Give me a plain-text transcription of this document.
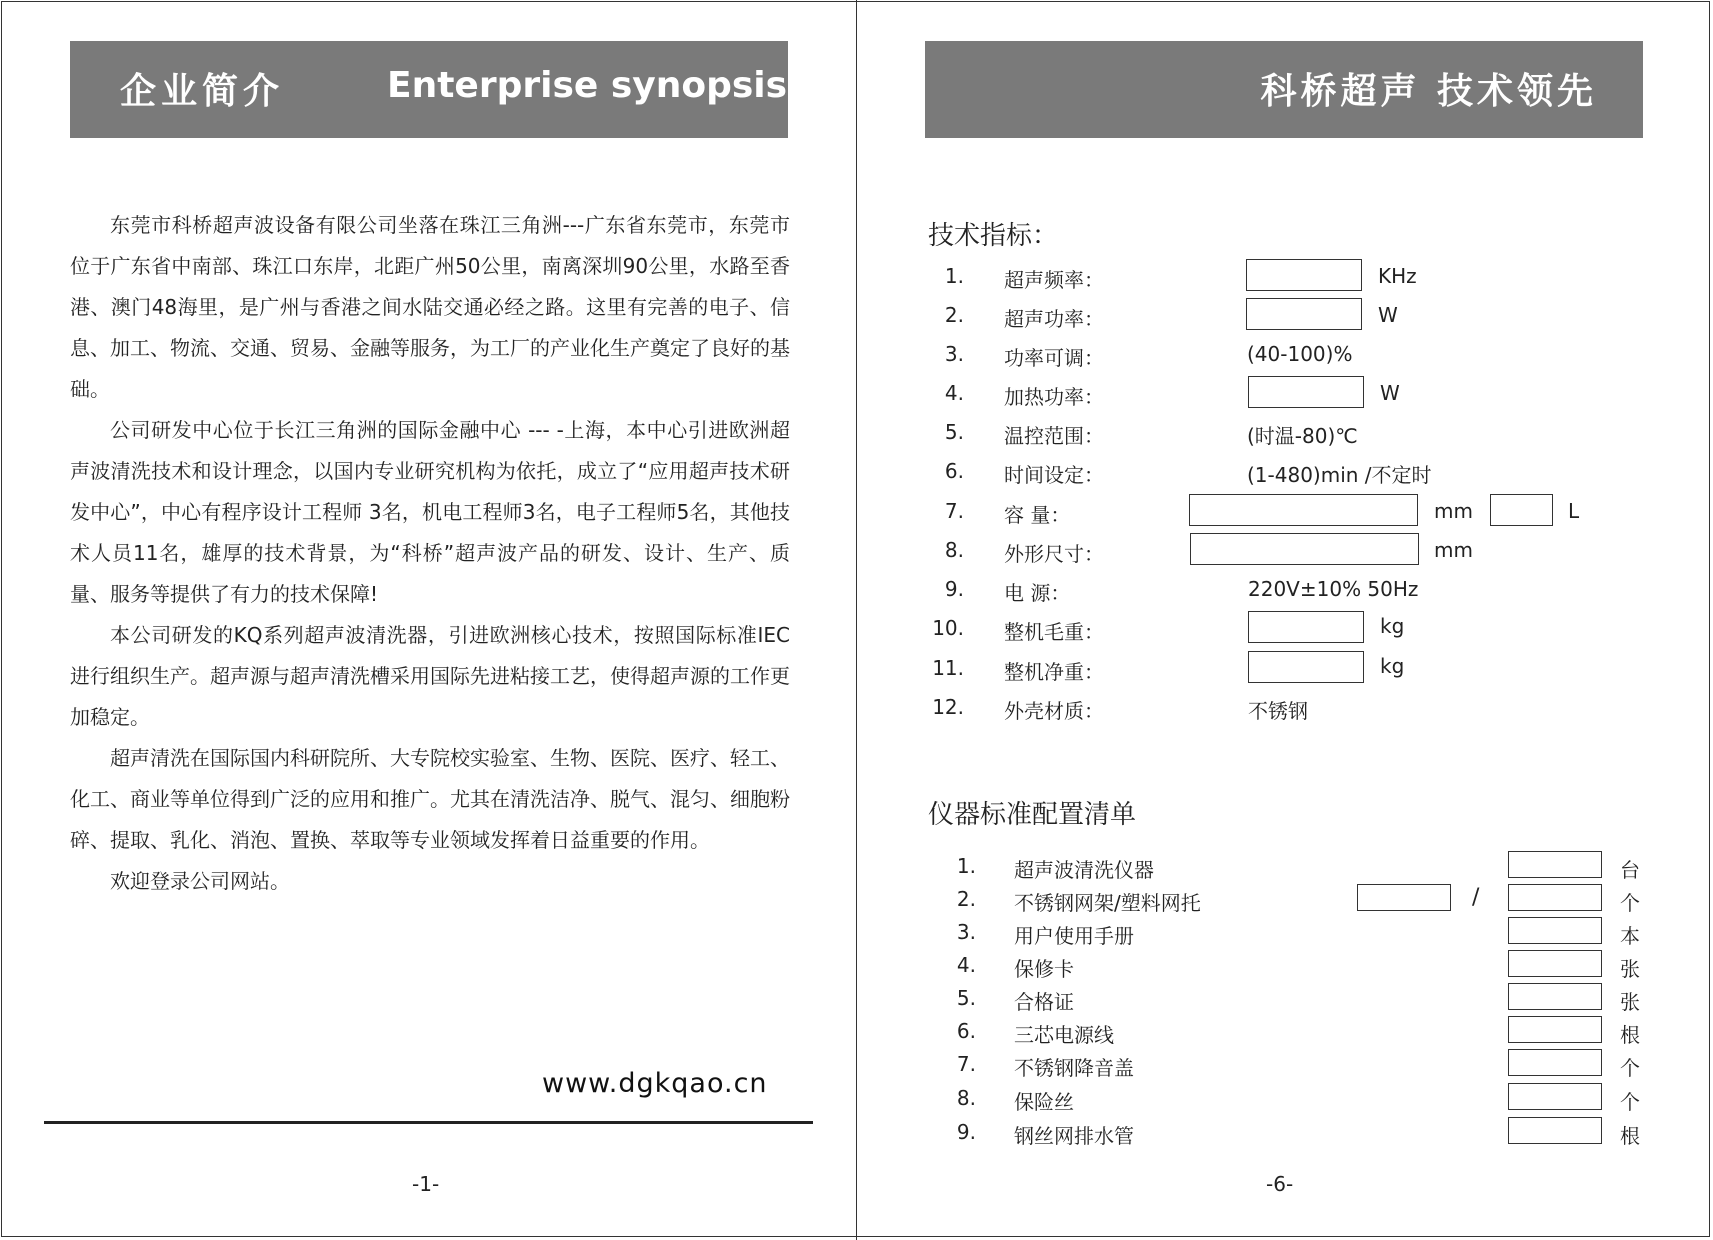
企业简介	Enterprise synopsis

东莞市科桥超声波设备有限公司坐落在珠江三角洲---广东省东莞市，东莞市位于广东省中南部、珠江口东岸，北距广州50公里，南离深圳90公里，水路至香港、澳门48海里，是广州与香港之间水陆交通必经之路。这里有完善的电子、信息、加工、物流、交通、贸易、金融等服务，为工厂的产业化生产奠定了良好的基础。

公司研发中心位于长江三角洲的国际金融中心 --- -上海，本中心引进欧洲超声波清洗技术和设计理念，以国内专业研究机构为依托，成立了“应用超声技术研发中心”，中心有程序设计工程师 3名，机电工程师3名，电子工程师5名，其他技术人员11名，雄厚的技术背景，为“科桥”超声波产品的研发、设计、生产、质量、服务等提供了有力的技术保障!

本公司研发的KQ系列超声波清洗器，引进欧洲核心技术，按照国际标准IEC进行组织生产。超声源与超声清洗槽采用国际先进粘接工艺，使得超声源的工作更加稳定。

超声清洗在国际国内科研院所、大专院校实验室、生物、医院、医疗、轻工、化工、商业等单位得到广泛的应用和推广。尤其在清洗洁净、脱气、混匀、细胞粉碎、提取、乳化、消泡、置换、萃取等专业领域发挥着日益重要的作用。

欢迎登录公司网站。

www.dgkqao.cn
-1-
科桥超声 技术领先
技术指标：
1. 超声频率：	KHz
2. 超声功率：	W
3. 功率可调：	(40-100)%
4. 加热功率：	W
5. 温控范围：	(时温-80)℃
6. 时间设定：	(1-480)min /不定时
7. 容 量：	mm	L
8. 外形尺寸：	mm
9. 电 源：	220V±10% 50Hz
10. 整机毛重：	kg
11. 整机净重：	kg
12. 外壳材质：	不锈钢
仪器标准配置清单
1. 超声波清洗仪器	台
2. 不锈钢网架/塑料网托	/	个
3. 用户使用手册	本
4. 保修卡	张
5. 合格证	张
6. 三芯电源线	根
7. 不锈钢降音盖	个
8. 保险丝	个
9. 钢丝网排水管	根
-6-
